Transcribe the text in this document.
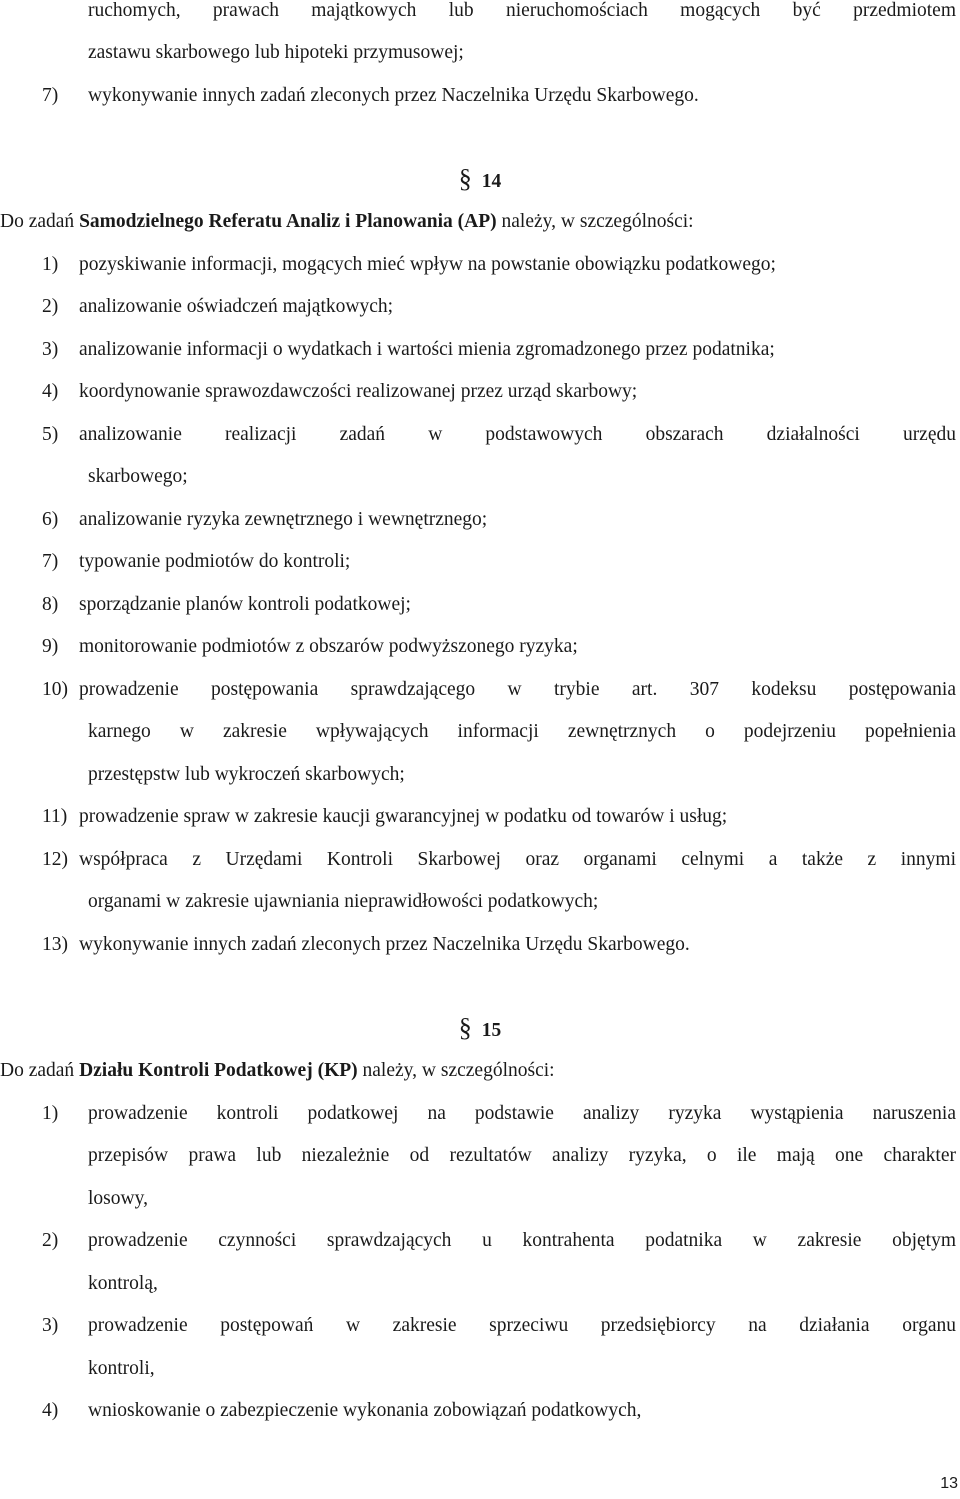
ruchomych, prawach majątkowych lub nieruchomościach mogących być przedmiotem

zastawu skarbowego lub hipoteki przymusowej;

7) wykonywanie innych zadań zleconych przez Naczelnika Urzędu Skarbowego.
§ 14

Do zadań Samodzielnego Referatu Analiz i Planowania (AP) należy, w szczególności:

1) pozyskiwanie informacji, mogących mieć wpływ na powstanie obowiązku podatkowego;
2) analizowanie oświadczeń majątkowych;
3) analizowanie informacji o wydatkach i wartości mienia zgromadzonego przez podatnika;
4) koordynowanie sprawozdawczości realizowanej przez urząd skarbowy;
5) analizowanie realizacji zadań w podstawowych obszarach działalności urzędu

skarbowego;

6) analizowanie ryzyka zewnętrznego i wewnętrznego;
7) typowanie podmiotów do kontroli;
8) sporządzanie planów kontroli podatkowej;
9) monitorowanie podmiotów z obszarów podwyższonego ryzyka;
10) prowadzenie postępowania sprawdzającego w trybie art. 307 kodeksu postępowania

karnego w zakresie wpływających informacji zewnętrznych o podejrzeniu popełnienia

przestępstw lub wykroczeń skarbowych;

11) prowadzenie spraw w zakresie kaucji gwarancyjnej w podatku od towarów i usług;
12) współpraca z Urzędami Kontroli Skarbowej oraz organami celnymi a także z innymi

organami w zakresie ujawniania nieprawidłowości podatkowych;

13) wykonywanie innych zadań zleconych przez Naczelnika Urzędu Skarbowego.
§ 15

Do zadań Działu Kontroli Podatkowej (KP) należy, w szczególności:

1) prowadzenie kontroli podatkowej na podstawie analizy ryzyka wystąpienia naruszenia

przepisów prawa lub niezależnie od rezultatów analizy ryzyka, o ile mają one charakter

losowy,

2) prowadzenie czynności sprawdzających u kontrahenta podatnika w zakresie objętym

kontrolą,

3) prowadzenie postępowań w zakresie sprzeciwu przedsiębiorcy na działania organu

kontroli,

4) wnioskowanie o zabezpieczenie wykonania zobowiązań podatkowych,
13
